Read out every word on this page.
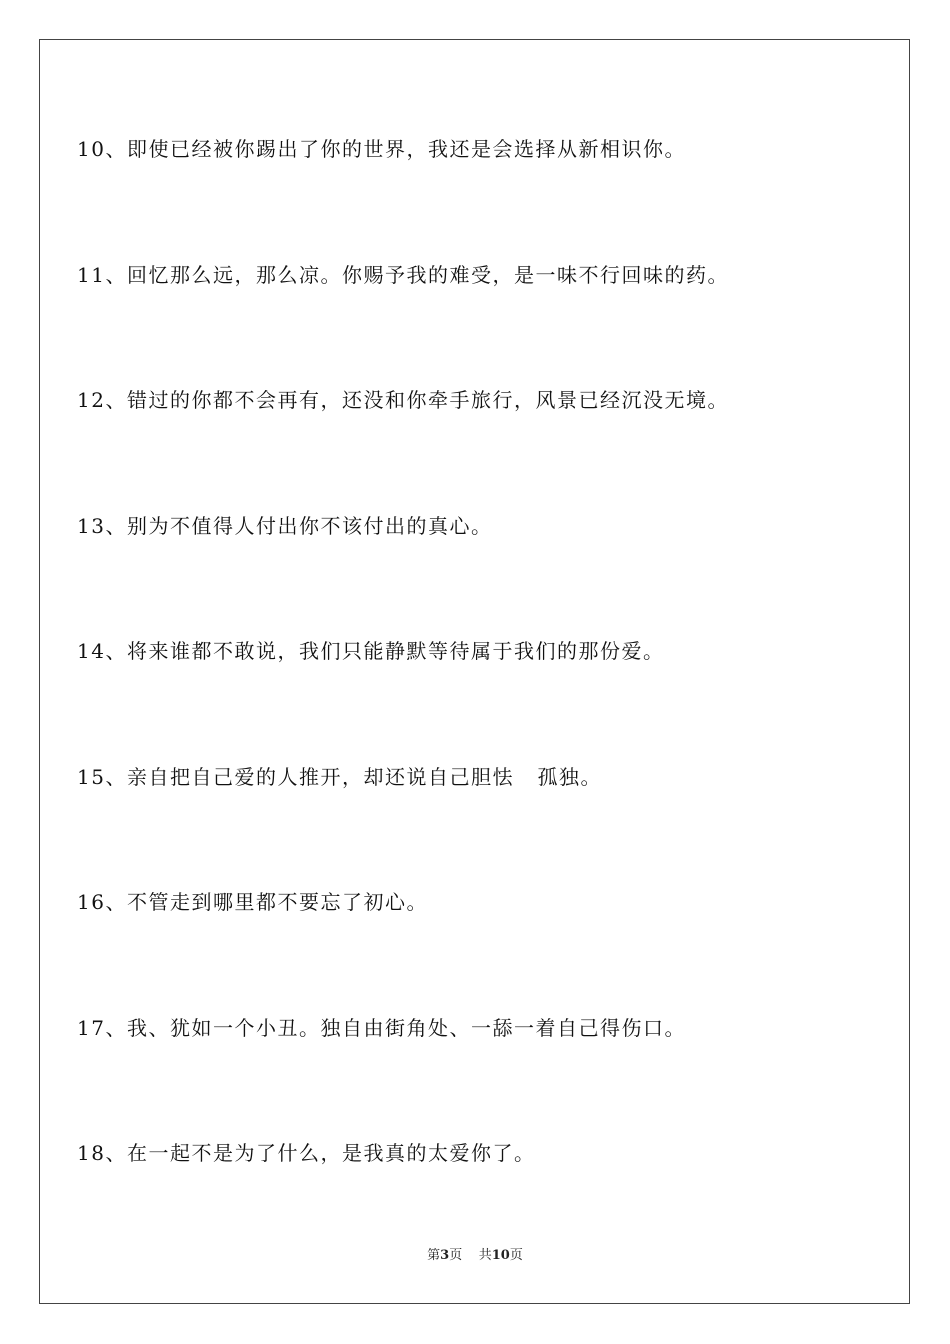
10、即使已经被你踢出了你的世界，我还是会选择从新相识你。
11、回忆那么远，那么凉。你赐予我的难受，是一味不行回味的药。
12、错过的你都不会再有，还没和你牵手旅行，风景已经沉没无境。
13、别为不值得人付出你不该付出的真心。
14、将来谁都不敢说，我们只能静默等待属于我们的那份爱。
15、亲自把自己爱的人推开，却还说自己胆怯   孤独。
16、不管走到哪里都不要忘了初心。
17、我、犹如一个小丑。独自由街角处、一舔一着自己得伤口。
18、在一起不是为了什么，是我真的太爱你了。
第3页 共10页
